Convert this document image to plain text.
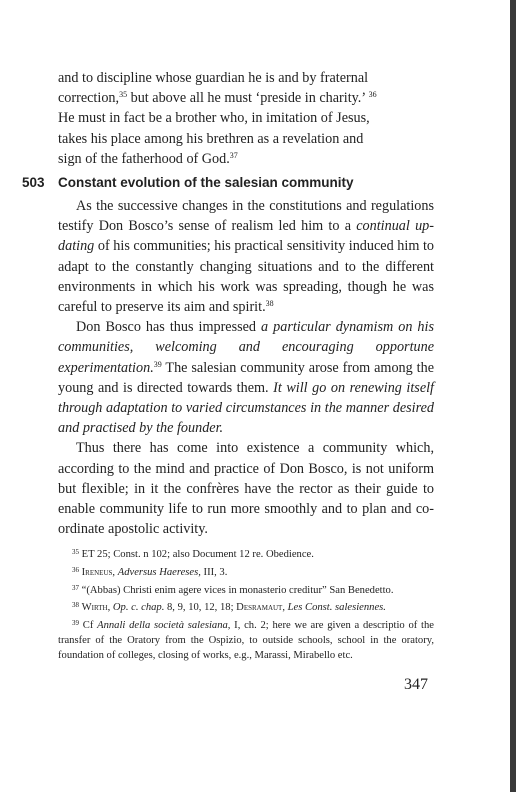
and to discipline whose guardian he is and by fraternal
correction,$^{35}$ but above all he must ‘preside in charity.’ $^{36}$
He must in fact be a brother who, in imitation of Jesus,
takes his place among his brethren as a revelation and
sign of the fatherhood of God.$^{37}$

503 Constant evolution of the salesian community

As the successive changes in the constitutions and regulations testify Don Bosco’s sense of realism led him to a continual up-dating of his communities; his practical sensitivity induced him to adapt to the constantly changing situations and to the different environments in which his work was spreading, though he was careful to preserve its aim and spirit.$^{38}$

Don Bosco has thus impressed a particular dynamism on his communities, welcoming and encouraging opportune experimentation.$^{39}$ The salesian community arose from among the young and is directed towards them. It will go on renewing itself through adaptation to varied circumstances in the manner desired and practised by the founder.

Thus there has come into existence a community which, according to the mind and practice of Don Bosco, is not uniform but flexible; in it the confrères have the rector as their guide to enable community life to run more smoothly and to plan and co-ordinate apostolic activity.

$^{35}$ ET 25; Const. n 102; also Document 12 re. Obedience.

$^{36}$ Ireneus, Adversus Haereses, III, 3.

$^{37}$ “(Abbas) Christi enim agere vices in monasterio creditur” San Benedetto.

$^{38}$ Wirth, Op. c. chap. 8, 9, 10, 12, 18; Desramaut, Les Const. salesiennes.

$^{39}$ Cf Annali della società salesiana, I, ch. 2; here we are given a descriptio of the transfer of the Oratory from the Ospizio, to outside schools, school in the oratory, foundation of colleges, closing of works, e.g., Marassi, Mirabello etc.

347
